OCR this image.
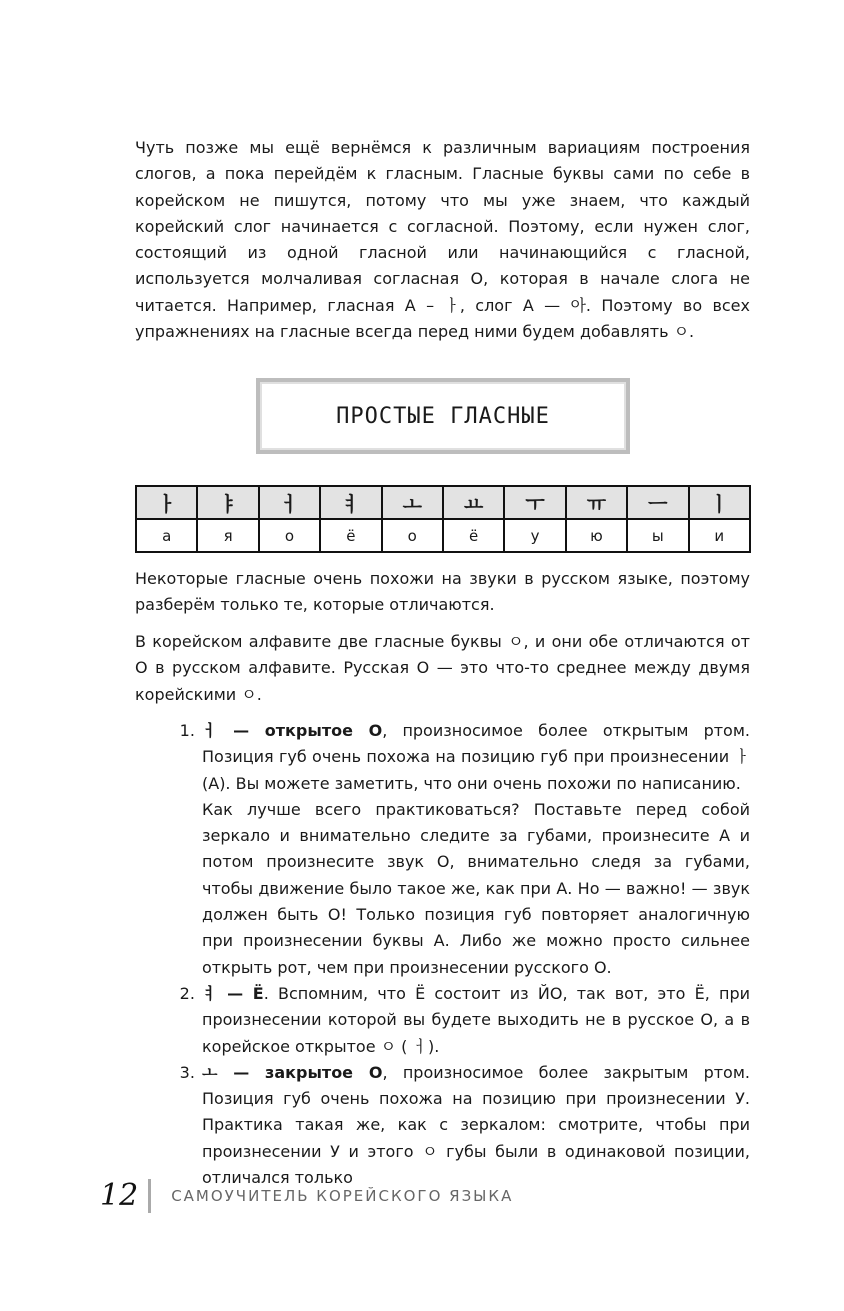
Чуть позже мы ещё вернёмся к различным вариациям построения слогов, а пока перейдём к гласным. Гласные буквы сами по себе в корейском не пишутся, потому что мы уже знаем, что каждый корейский слог начинается с согласной. Поэтому, если нужен слог, состоящий из одной гласной или начинающийся с гласной, используется молчаливая согласная О, которая в начале слога не читается. Например, гласная А – ㅏ, слог А — 아. Поэтому во всех упражнениях на гласные всегда перед ними будем добавлять ㅇ.

ПРОСТЫЕ ГЛАСНЫЕ
ㅏ	ㅑ	ㅓ	ㅕ	ㅗ	ㅛ	ㅜ	ㅠ	ㅡ	ㅣ
а	я	о	ё	о	ё	у	ю	ы	и

Некоторые гласные очень похожи на звуки в русском языке, поэтому разберём только те, которые отличаются.

В корейском алфавите две гласные буквы ㅇ, и они обе отличаются от О в русском алфавите. Русская О — это что-то среднее между двумя корейскими ㅇ.

1. ㅓ — открытое О, произносимое более открытым ртом. Позиция губ очень похожа на позицию губ при произнесении ㅏ (А). Вы можете заметить, что они очень похожи по написанию.
Как лучше всего практиковаться? Поставьте перед собой зеркало и внимательно следите за губами, произнесите А и потом произнесите звук О, внимательно следя за губами, чтобы движение было такое же, как при А. Но — важно! — звук должен быть О! Только позиция губ повторяет аналогичную при произнесении буквы А. Либо же можно просто сильнее открыть рот, чем при произнесении русского О.
2. ㅕ — Ё. Вспомним, что Ё состоит из ЙО, так вот, это Ё, при произнесении которой вы будете выходить не в русское О, а в корейское открытое ㅇ ( ㅓ).
3. ㅗ — закрытое О, произносимое более закрытым ртом. Позиция губ очень похожа на позицию при произнесении У. Практика такая же, как с зеркалом: смотрите, чтобы при произнесении У и этого ㅇ губы были в одинаковой позиции, отличался только
12 САМОУЧИТЕЛЬ КОРЕЙСКОГО ЯЗЫКА
